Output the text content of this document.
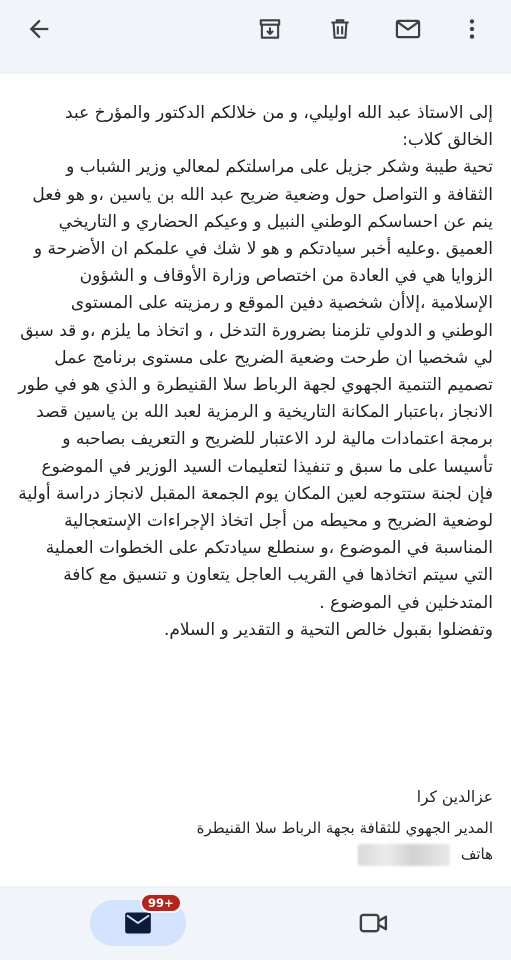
إلى الاستاذ عبد الله اوليلي، و من خلالكم الدكتور والمؤرخ عبد الخالق كلاب:

تحية طيبة وشكر جزيل على مراسلتكم لمعالي وزير الشباب و الثقافة و التواصل حول وضعية ضريح عبد الله بن ياسين ،و هو فعل ينم عن احساسكم الوطني النبيل و وعيكم الحضاري و التاريخي العميق .وعليه أخبر سيادتكم و هو لا شك في علمكم ان الأضرحة و الزوايا هي في العادة من اختصاص وزارة الأوقاف و الشؤون الإسلامية ،إلاأن شخصية دفين الموقع و رمزيته على المستوى الوطني و الدولي تلزمنا بضرورة التدخل ، و اتخاذ ما يلزم ،و قد سبق لي شخصيا ان طرحت وضعية الضريح على مستوى برنامج عمل تصميم التنمية الجهوي لجهة الرباط سلا القنيطرة و الذي هو في طور الانجاز ،باعتبار المكانة التاريخية و الرمزية لعبد الله بن ياسين قصد برمجة اعتمادات مالية لرد الاعتبار للضريح و التعريف بصاحبه و تأسيسا على ما سبق و تنفيذا لتعليمات السيد الوزير في الموضوع فإن لجنة ستتوجه لعين المكان يوم الجمعة المقبل لانجاز دراسة أولية لوضعية الضريح و محيطه من أجل اتخاذ الإجراءات الإستعجالية المناسبة في الموضوع ،و سنطلع سيادتكم على الخطوات العملية التي سيتم اتخاذها في القريب العاجل يتعاون و تنسيق مع كافة المتدخلين في الموضوع .

وتفضلوا بقبول خالص التحية و التقدير و السلام.

عزالدين كرا
المدير الجهوي للثقافة بجهة الرباط سلا القنيطرة
هاتف
99+
